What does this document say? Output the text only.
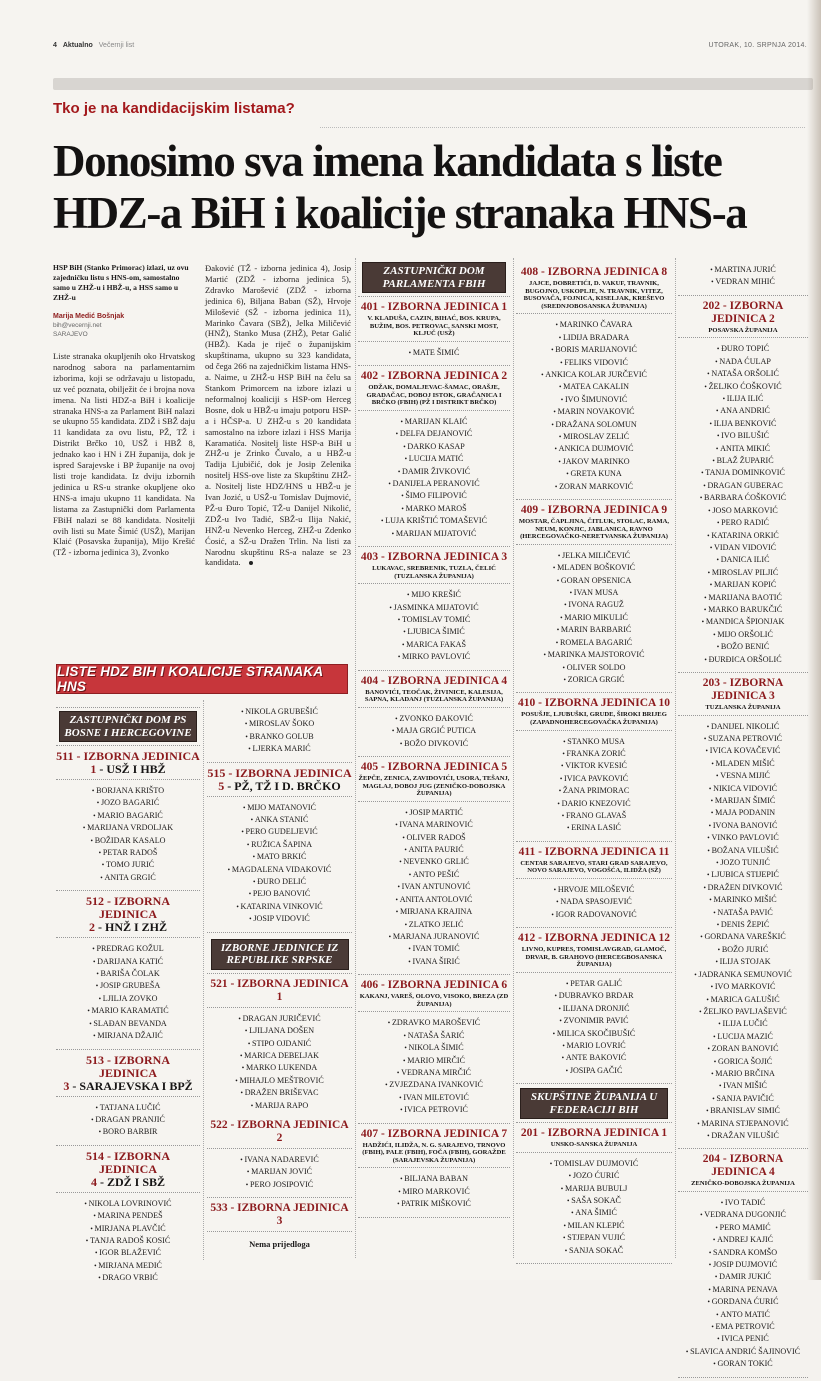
4 Aktualno Večernji list	UTORAK, 10. SRPNJA 2014.
Tko je na kandidacijskim listama?
Donosimo sva imena kandidata s liste HDZ-a BiH i koalicije stranaka HNS-a
HSP BiH (Stanko Primorac) izlazi, uz ovu zajedničku listu s HNS-om, samostalno samo u ZHŽ-u i HBŽ-u, a HSS samo u ZHŽ-u
Marija Medić Bošnjak
bih@vecernji.net
SARAJEVO

Liste stranaka okupljenih oko Hrvatskog narodnog sabora na parlamentarnim izborima, koji se održavaju u listopadu, uz već poznata, obilježit će i brojna nova imena. Na listi HDZ-a BiH i koalicije stranaka HNS-a za Parlament BiH nalazi se ukupno 55 kandidata. ZDŽ i SBŽ daju 11 kandidata za ovu listu, PŽ, TŽ i Distrikt Brčko 10, USŽ i HBŽ 8, jednako kao i HN i ZH županija, dok je ispred Sarajevske i BP županije na ovoj listi troje kandidata. Iz dviju izbornih jedinica u RS-u stranke okupljene oko HNS-a imaju ukupno 11 kandidata. Na listama za Zastupnički dom Parlamenta FBiH nalazi se 88 kandidata. Nositelji ovih listi su Mate Šimić (USŽ), Marijan Klaić (Posavska županija), Mijo Krešić (TŽ - izborna jedinica 3), Zvonko

Đaković (TŽ - izborna jedinica 4), Josip Martić (ZDŽ - izborna jedinica 5), Zdravko Marošević (ZDŽ - izborna jedinica 6), Biljana Baban (SŽ), Hrvoje Milošević (SŽ - izborna jedinica 11), Marinko Čavara (SBŽ), Jelka Miličević (HNŽ), Stanko Musa (ZHŽ), Petar Galić (HBŽ). Kada je riječ o županijskim skupštinama, ukupno su 323 kandidata, od čega 266 na zajedničkim listama HNS-a. Naime, u ZHŽ-u HSP BiH na čelu sa Stankom Primorcem na izbore izlazi u neformalnoj koaliciji s HSP-om Herceg Bosne, dok u HBŽ-u imaju potporu HSP-a i HČSP-a. U ZHŽ-u s 20 kandidata samostalno na izbore izlazi i HSS Marija Karamatića. Nositelj liste HSP-a BiH u ZHŽ-u je Zrinko Čuvalo, a u HBŽ-u Tadija Ljubičić, dok je Josip Zelenika nositelj HSS-ove liste za Skupštinu ZHŽ-a. Nositelj liste HDZ/HNS u HBŽ-u je Ivan Jozić, u USŽ-u Tomislav Dujmović, PŽ-u Đuro Topić, TŽ-u Danijel Nikolić, ZDŽ-u Ivo Tadić, SBŽ-u Ilija Nakić, HNŽ-u Nevenko Herceg, ZHŽ-u Zdenko Ćosić, a SŽ-u Dražen Trlin. Na listi za Narodnu skupštinu RS-a nalaze se 23 kandidata.

LISTE HDZ BIH I KOALICIJE STRANAKA HNS
ZASTUPNIČKI DOM PS BOSNE I HERCEGOVINE
511 - IZBORNA JEDINICA
1 - USŽ I HBŽ
• BORJANA KRIŠTO
• JOZO BAGARIĆ
• MARIO BAGARIĆ
• MARIJANA VRDOLJAK
• BOŽIDAR KASALO
• PETAR RADOŠ
• TOMO JURIĆ
• ANITA GRGIĆ
512 - IZBORNA JEDINICA
2 - HNŽ I ZHŽ
• PREDRAG KOŽUL
• DARIJANA KATIĆ
• BARIŠA ČOLAK
• JOSIP GRUBEŠA
• LJILJA ZOVKO
• MARIO KARAMATIĆ
• SLAĐAN BEVANDA
• MIRJANA DŽAJIĆ
513 - IZBORNA JEDINICA
3 - SARAJEVSKA I BPŽ
• TATJANA LUČIĆ
• DRAGAN PRANJIĆ
• BORO BARBIR
514 - IZBORNA JEDINICA
4 - ZDŽ I SBŽ
• NIKOLA LOVRINOVIĆ
• MARINA PENDEŠ
• MIRJANA PLAVČIĆ
• TANJA RADOŠ KOSIĆ
• IGOR BLAŽEVIĆ
• MIRJANA MEDIĆ
• DRAGO VRBIĆ
• NIKOLA GRUBEŠIĆ
• MIROSLAV ŠOKO
• BRANKO GOLUB
• LJERKA MARIĆ
515 - IZBORNA JEDINICA
5 - PŽ, TŽ I D. BRČKO
• MIJO MATANOVIĆ
• ANKA STANIĆ
• PERO GUDELJEVIĆ
• RUŽICA ŠAPINA
• MATO BRKIĆ
• MAGDALENA VIDAKOVIĆ
• ĐURO DELIĆ
• PEJO BANOVIĆ
• KATARINA VINKOVIĆ
• JOSIP VIDOVIĆ
IZBORNE JEDINICE IZ REPUBLIKE SRPSKE
521 - IZBORNA JEDINICA 1
• DRAGAN JURIČEVIĆ
• LJILJANA DOŠEN
• STIPO OJDANIĆ
• MARICA DEBELJAK
• MARKO LUKENDA
• MIHAJLO MEŠTROVIĆ
• DRAŽEN BRIŠEVAC
• MARIJA RAPO
522 - IZBORNA JEDINICA 2
• IVANA NADAREVIĆ
• MARIJAN JOVIĆ
• PERO JOSIPOVIĆ
533 - IZBORNA JEDINICA 3
Nema prijedloga
ZASTUPNIČKI DOM PARLAMENTA FBIH
401 - IZBORNA JEDINICA 1
V. KLADUŠA, CAZIN, BIHAĆ, BOS. KRUPA, BUŽIM, BOS. PETROVAC, SANSKI MOST, KLJUČ (USŽ)
• MATE ŠIMIĆ
402 - IZBORNA JEDINICA 2
ODŽAK, DOMALJEVAC-ŠAMAC, ORAŠJE, GRADAČAC, DOBOJ ISTOK, GRAČANICA I BRČKO (FBIH) (PŽ I DISTRIKT BRČKO)
• MARIJAN KLAIĆ
• DELFA DEJANOVIĆ
• DARKO KASAP
• LUCIJA MATIĆ
• DAMIR ŽIVKOVIĆ
• DANIJELA PERANOVIĆ
• ŠIMO FILIPOVIĆ
• MARKO MAROŠ
• LUJA KRIŠTIĆ TOMAŠEVIĆ
• MARIJAN MIJATOVIĆ
403 - IZBORNA JEDINICA 3
LUKAVAC, SREBRENIK, TUZLA, ČELIĆ (TUZLANSKA ŽUPANIJA)
• MIJO KREŠIĆ
• JASMINKA MIJATOVIĆ
• TOMISLAV TOMIĆ
• LJUBICA ŠIMIĆ
• MARICA FAKAŠ
• MIRKO PAVLOVIĆ
404 - IZBORNA JEDINICA 4
BANOVIĆI, TEOČAK, ŽIVINICE, KALESIJA, SAPNA, KLADANJ (TUZLANSKA ŽUPANIJA)
• ZVONKO ĐAKOVIĆ
• MAJA GRGIĆ PUTICA
• BOŽO DIVKOVIĆ
405 - IZBORNA JEDINICA 5
ŽEPČE, ZENICA, ZAVIDOVIĆI, USORA, TEŠANJ, MAGLAJ, DOBOJ JUG (ZENIČKO-DOBOJSKA ŽUPANIJA)
• JOSIP MARTIĆ
• IVANA MARINOVIĆ
• OLIVER RADOŠ
• ANITA PAURIĆ
• NEVENKO GRLIĆ
• ANTO PEŠIĆ
• IVAN ANTUNOVIĆ
• ANITA ANTOLOVIĆ
• MIRJANA KRAJINA
• ZLATKO JELIĆ
• MARJANA JURANOVIĆ
• IVAN TOMIĆ
• IVANA ŠIRIĆ
406 - IZBORNA JEDINICA 6
KAKANJ, VAREŠ, OLOVO, VISOKO, BREZA (ZD ŽUPANIJA)
• ZDRAVKO MAROŠEVIĆ
• NATAŠA ŠARIĆ
• NIKOLA ŠIMIĆ
• MARIO MIRČIĆ
• VEDRANA MIRČIĆ
• ZVJEZDANA IVANKOVIĆ
• IVAN MILETOVIĆ
• IVICA PETROVIĆ
407 - IZBORNA JEDINICA 7
HADŽIĆI, ILIDŽA, N. G. SARAJEVO, TRNOVO (FBIH), PALE (FBIH), FOČA (FBIH), GORAŽDE (SARAJEVSKA ŽUPANIJA)
• BILJANA BABAN
• MIRO MARKOVIĆ
• PATRIK MIŠKOVIĆ
408 - IZBORNA JEDINICA 8
JAJCE, DOBRETIĆI, D. VAKUF, TRAVNIK, BUGOJNO, USKOPLJE, N. TRAVNIK, VITEZ, BUSOVAČA, FOJNICA, KISELJAK, KREŠEVO (SREDNJOBOSANSKA ŽUPANIJA)
• MARINKO ČAVARA
• LIDIJA BRADARA
• BORIS MARIJANOVIĆ
• FELIKS VIDOVIĆ
• ANKICA KOLAR JURČEVIĆ
• MATEA CAKALIN
• IVO ŠIMUNOVIĆ
• MARIN NOVAKOVIĆ
• DRAŽANA SOLOMUN
• MIROSLAV ZELIĆ
• ANKICA DUJMOVIĆ
• JAKOV MARINKO
• GRETA KUNA
• ZORAN MARKOVIĆ
409 - IZBORNA JEDINICA 9
MOSTAR, ČAPLJINA, ČITLUK, STOLAC, RAMA, NEUM, KONJIC, JABLANICA, RAVNO (HERCEGOVAČKO-NERETVANSKA ŽUPANIJA)
• JELKA MILIČEVIĆ
• MLADEN BOŠKOVIĆ
• GORAN OPSENICA
• IVAN MUSA
• IVONA RAGUŽ
• MARIO MIKULIĆ
• MARIN BARBARIĆ
• ROMELA BAGARIĆ
• MARINKA MAJSTOROVIĆ
• OLIVER SOLDO
• ZORICA GRGIĆ
410 - IZBORNA JEDINICA 10
POSUŠJE, LJUBUŠKI, GRUDE, ŠIROKI BRIJEG (ZAPADNOHERCEGOVAČKA ŽUPANIJA)
• STANKO MUSA
• FRANKA ZORIĆ
• VIKTOR KVESIĆ
• IVICA PAVKOVIĆ
• ŽANA PRIMORAC
• DARIO KNEZOVIĆ
• FRANO GLAVAŠ
• ERINA LASIĆ
411 - IZBORNA JEDINICA 11
CENTAR SARAJEVO, STARI GRAD SARAJEVO, NOVO SARAJEVO, VOGOŠĆA, ILIDŽA (SŽ)
• HRVOJE MILOŠEVIĆ
• NADA SPASOJEVIĆ
• IGOR RADOVANOVIĆ
412 - IZBORNA JEDINICA 12
LIVNO, KUPRES, TOMISLAVGRAD, GLAMOČ, DRVAR, B. GRAHOVO (HERCEGBOSANSKA ŽUPANIJA)
• PETAR GALIĆ
• DUBRAVKO BRDAR
• ILIJANA DRONJIĆ
• ZVONIMIR PAVIĆ
• MILICA SKOČIBUŠIĆ
• MARIO LOVRIĆ
• ANTE BAKOVIĆ
• JOSIPA GAČIĆ
SKUPŠTINE ŽUPANIJA U FEDERACIJI BIH
201 - IZBORNA JEDINICA 1
UNSKO-SANSKA ŽUPANIJA
• TOMISLAV DUJMOVIĆ
• JOZO ĆURIĆ
• MARIJA BUBULJ
• SAŠA SOKAČ
• ANA ŠIMIĆ
• MILAN KLEPIĆ
• STJEPAN VUJIĆ
• SANJA SOKAČ
• MARTINA JURIĆ
• VEDRAN MIHIĆ
202 - IZBORNA JEDINICA 2
POSAVSKA ŽUPANIJA
• ĐURO TOPIĆ
• NADA ĆULAP
• NATAŠA ORŠOLIĆ
• ŽELJKO ĆOŠKOVIĆ
• ILIJA ILIĆ
• ANA ANDRIĆ
• ILIJA BENKOVIĆ
• IVO BILUŠIĆ
• ANITA MIKIĆ
• BLAŽ ŽUPARIĆ
• TANJA DOMINKOVIĆ
• DRAGAN GUBERAC
• BARBARA ĆOŠKOVIĆ
• JOSO MARKOVIĆ
• PERO RADIĆ
• KATARINA ORKIĆ
• VIDAN VIDOVIĆ
• DANICA ILIĆ
• MIROSLAV PILJIĆ
• MARIJAN KOPIĆ
• MARIJANA BAOTIĆ
• MARKO BARUKČIĆ
• MANDICA ŠPIONJAK
• MIJO ORŠOLIĆ
• BOŽO BENIĆ
• ĐURĐICA ORŠOLIĆ
203 - IZBORNA JEDINICA 3
TUZLANSKA ŽUPANIJA
• DANIJEL NIKOLIĆ
• SUZANA PETROVIĆ
• IVICA KOVAČEVIĆ
• MLADEN MIŠIĆ
• VESNA MIJIĆ
• NIKICA VIDOVIĆ
• MARIJAN ŠIMIĆ
• MAJA PODANIN
• IVONA BANOVIĆ
• VINKO PAVLOVIĆ
• BOŽANA VILUŠIĆ
• JOZO TUNJIĆ
• LJUBICA STIJEPIĆ
• DRAŽEN DIVKOVIĆ
• MARINKO MIŠIĆ
• NATAŠA PAVIĆ
• DENIS ŽEPIĆ
• GORDANA VAREŠKIĆ
• BOŽO JURIĆ
• ILIJA STOJAK
• JADRANKA SEMUNOVIĆ
• IVO MARKOVIĆ
• MARICA GALUŠIĆ
• ŽELJKO PAVLJAŠEVIĆ
• ILIJA LUČIĆ
• LUCIJA MAZIĆ
• ZORAN BANOVIĆ
• GORICA ŠOJIĆ
• MARIO BRČINA
• IVAN MIŠIĆ
• SANJA PAVIČIĆ
• BRANISLAV SIMIĆ
• MARINA STJEPANOVIĆ
• DRAŽAN VILUŠIĆ
204 - IZBORNA JEDINICA 4
ZENIČKO-DOBOJSKA ŽUPANIJA
• IVO TADIĆ
• VEDRANA DUGONJIĆ
• PERO MAMIĆ
• ANDREJ KAJIĆ
• SANDRA KOMŠO
• JOSIP DUJMOVIĆ
• DAMIR JUKIĆ
• MARINA PENAVA
• GORDANA ĆURIĆ
• ANTO MATIĆ
• EMA PETROVIĆ
• IVICA PENIĆ
• SLAVICA ANDRIĆ ŠAJINOVIĆ
• GORAN TOKIĆ
